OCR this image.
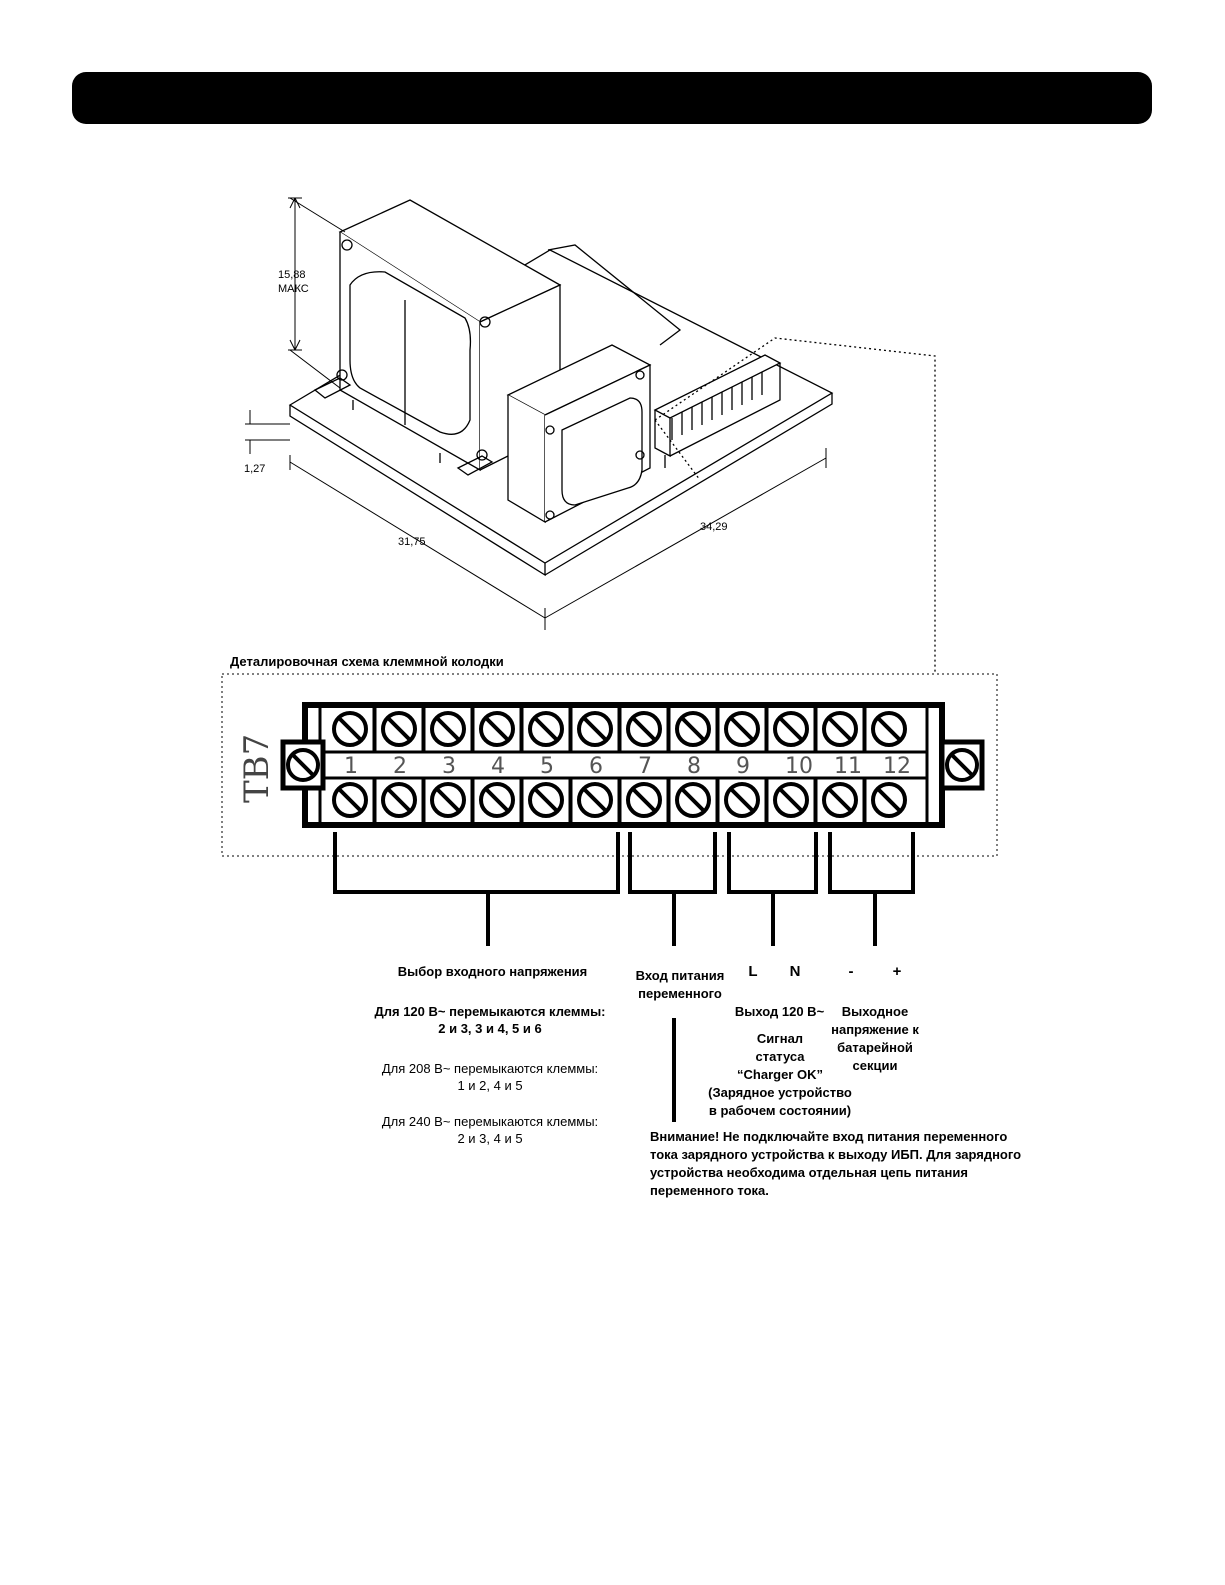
15,88
МАКС
1,27
31,75
34,29
Деталировочная схема клеммной колодки
TB7	1 2 3 4 5 6 7 8 9 10 11 12
Выбор входного напряжения
Для 120 В~ перемыкаются клеммы:
2 и 3, 3 и 4, 5 и 6
Для 208 В~ перемыкаются клеммы:
1 и 2, 4 и 5
Для 240 В~ перемыкаются клеммы:
2 и 3, 4 и 5
Вход питания
переменного
L N
Выход 120 В~
Сигнал
статуса
“Charger OK”
(Зарядное устройство
в рабочем состоянии)
-	+
Выходное
напряжение к
батарейной
секции
Внимание! Не подключайте вход питания переменного
тока зарядного устройства к выходу ИБП. Для зарядного
устройства необходима отдельная цепь питания
переменного тока.
